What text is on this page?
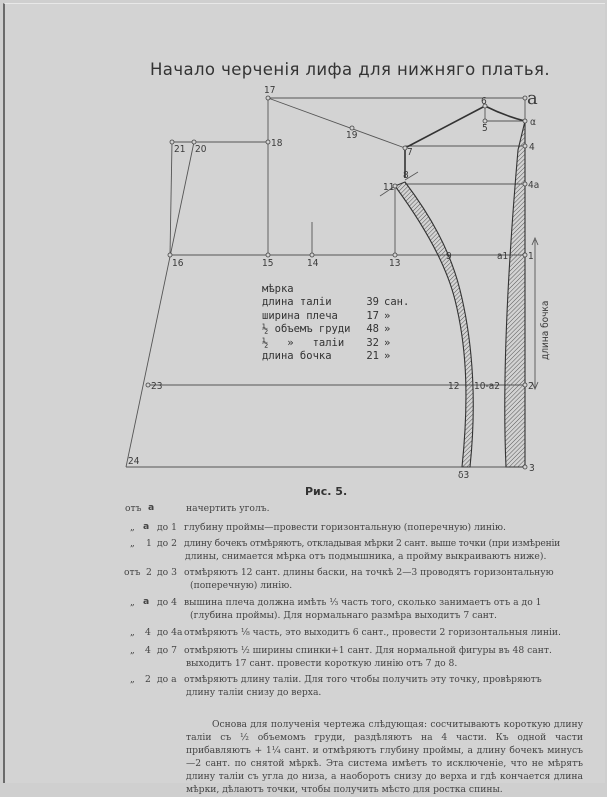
Начало черченія лифа для нижняго платья.
17
18
19
20
21
16	15	14	13
9	a1 1
6
5
a
α
4
7
8
11	4a
12 10-a2	2
23
24
3
δ3
длина бочка
мѣрка
длина таліи	39 сан.
ширина плеча	17 »
½ объемъ груди	48 »
½   »   таліи	32 »
длина бочка	21 »
Рис. 5.
отъ a	начертить уголъ.
„ a до 1 глубину проймы—провести горизонтальную (поперечную) линію.
„ 1 до 2 длину бочекъ отмѣряютъ, откладывая мѣрки 2 сант. выше точки (при измѣреніи
длины, снимается мѣрка отъ подмышника, а пройму выкраиваютъ ниже).
отъ 2 до 3 отмѣряютъ 12 сант. длины баски, на точкѣ 2—3 проводятъ горизонтальную
(поперечную) линію.
„ a до 4 вышина плеча должна имѣть ⅓ часть того, сколько занимаетъ отъ a до 1
(глубина проймы). Для нормальнаго размѣра выходитъ 7 сант.
„ 4 до 4a отмѣряютъ ⅛ часть, это выходитъ 6 сант., провести 2 горизонтальныя линіи.
„ 4 до 7 отмѣряютъ ½ ширины спинки+1 сант. Для нормальной фигуры въ 48 сант.
выходитъ 17 сант. провести короткую линію отъ 7 до 8.
„ 2 до a отмѣряютъ длину таліи. Для того чтобы получить эту точку, провѣряютъ
длину таліи снизу до верха.
Основа для полученія чертежа слѣдующая: сосчитываютъ короткую длину таліи съ ½ объемомъ груди, раздѣляютъ на 4 части. Къ одной части прибавляютъ + 1¼ сант. и отмѣряютъ глубину проймы, а длину бочекъ минусъ—2 сант. по снятой мѣркѣ. Эта система имѣетъ то исключеніе, что не мѣрятъ длину таліи съ угла до низа, а наоборотъ снизу до верха и гдѣ кончается длина мѣрки, дѣлаютъ точки, чтобы получить мѣсто для ростка спины.
